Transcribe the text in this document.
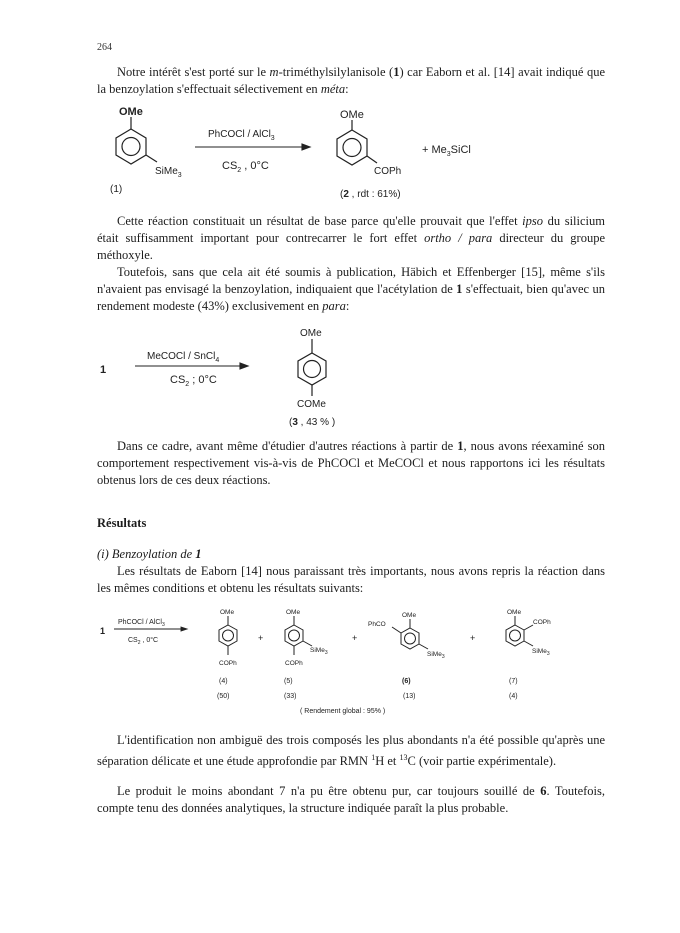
264

Notre intérêt s'est porté sur le m-triméthylsilylanisole (1) car Eaborn et al. [14] avait indiqué que la benzoylation s'effectuait sélectivement en méta:

OMe
SiMe$_3$
(1)
PhCOCl / AlCl$_3$
$CS_2$ , 0°C
OMe
COPh
(2 , rdt : 61%)
+ $Me_3SiCl$

Cette réaction constituait un résultat de base parce qu'elle prouvait que l'effet ipso du silicium était suffisamment important pour contrecarrer le fort effet ortho / para directeur du groupe méthoxyle.

Toutefois, sans que cela ait été soumis à publication, Häbich et Effenberger [15], même s'ils n'avaient pas envisagé la benzoylation, indiquaient que l'acétylation de 1 s'effectuait, bien qu'avec un rendement modeste (43%) exclusivement en para:

1
MeCOCl / SnCl$_4$
$CS_2$ ; 0°C
OMe
COMe
(3 , 43 % )

Dans ce cadre, avant même d'étudier d'autres réactions à partir de 1, nous avons réexaminé son comportement respectivement vis-à-vis de PhCOCl et MeCOCl et nous rapportons ici les résultats obtenus lors de ces deux réactions.

Résultats
(i) Benzoylation de 1

Les résultats de Eaborn [14] nous paraissant très importants, nous avons repris la réaction dans les mêmes conditions et obtenu les résultats suivants:

1
PhCOCl / AlCl$_3$
$CS_2$ , 0°C
OMe
COPh
(4)
(50)
+
OMe
SiMe$_3$
COPh
(5)
(33)
+
OMe
PhCO
SiMe$_3$
(6)
(13)
+
OMe
COPh
SiMe$_3$
(7)
(4)
( Rendement global : 95% )

L'identification non ambiguë des trois composés les plus abondants n'a été possible qu'après une séparation délicate et une étude approfondie par RMN $^1$H et $^{13}$C (voir partie expérimentale).

Le produit le moins abondant 7 n'a pu être obtenu pur, car toujours souillé de 6. Toutefois, compte tenu des données analytiques, la structure indiquée paraît la plus probable.
